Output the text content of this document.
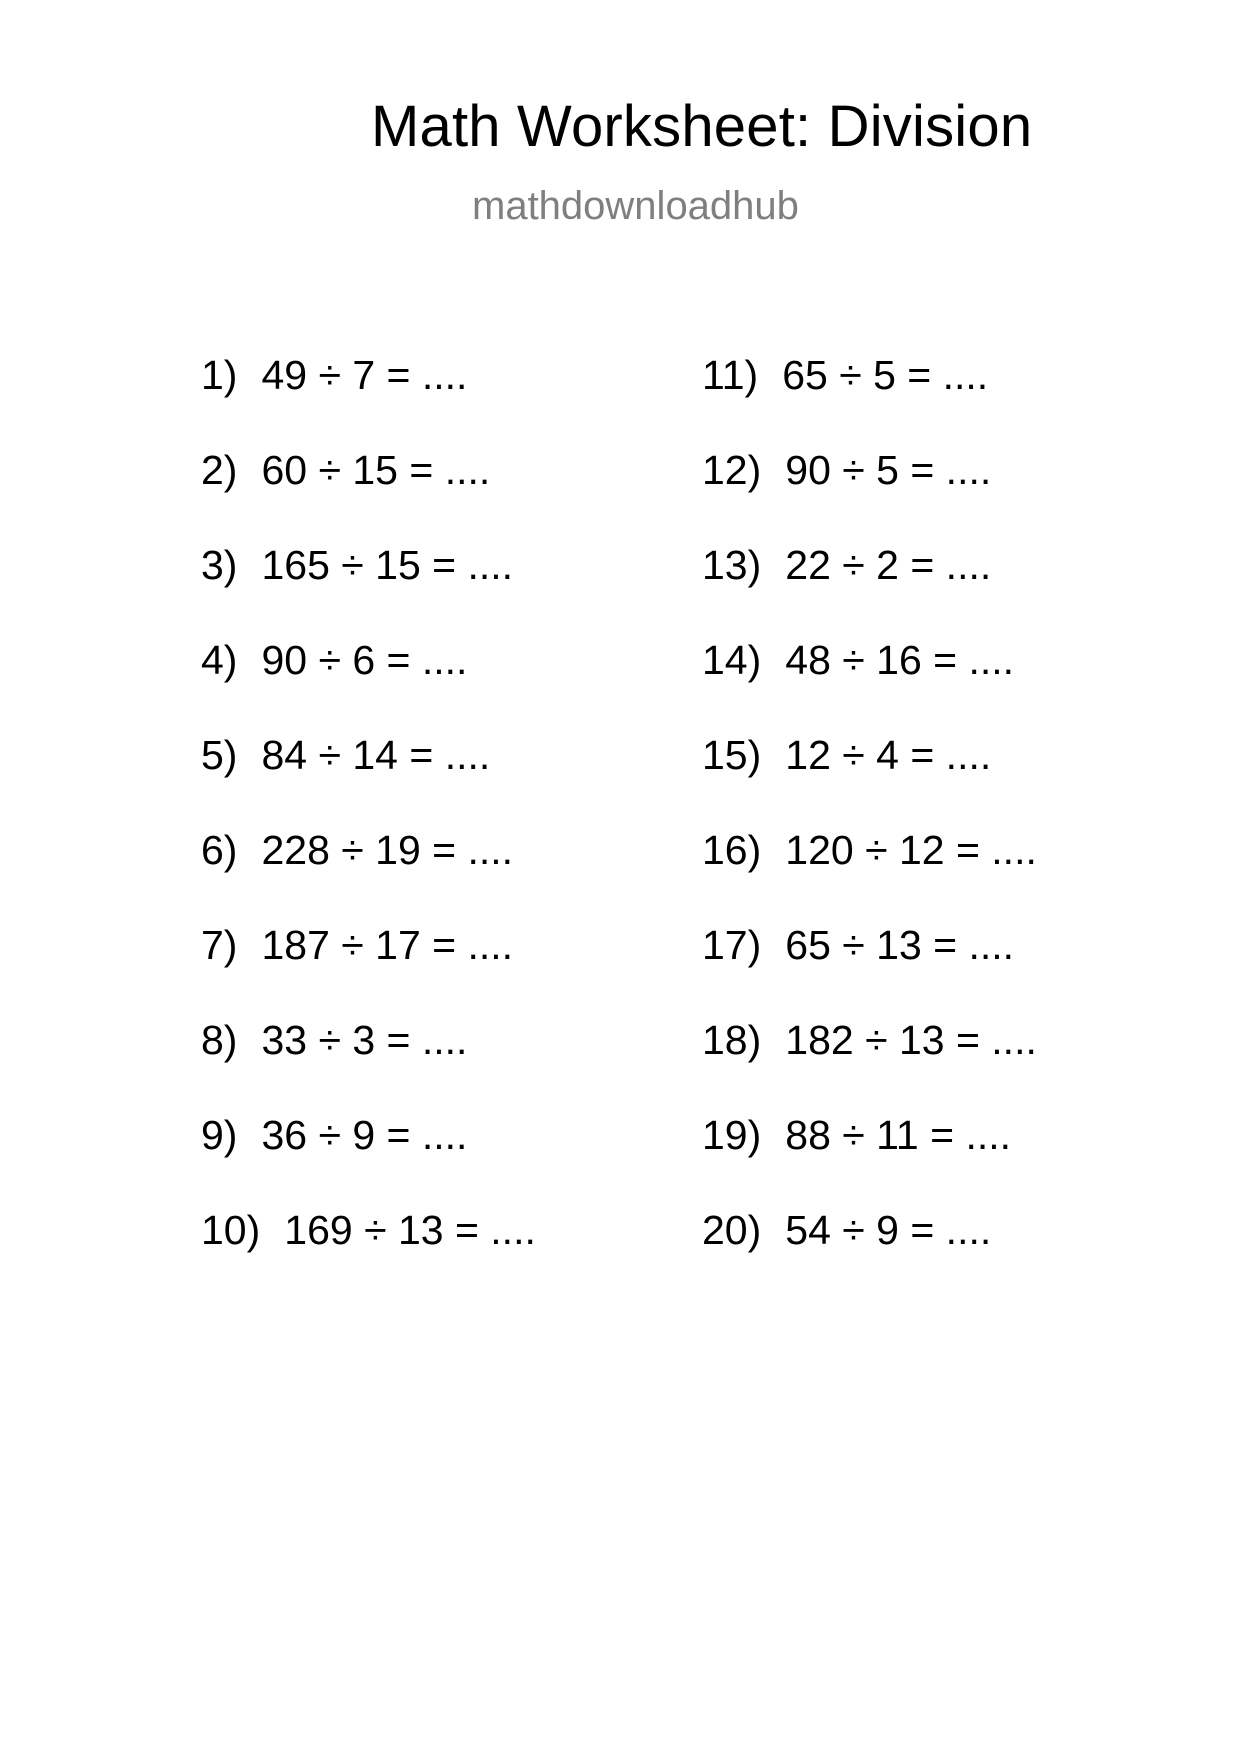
Math Worksheet: Division
mathdownloadhub
1) 49 ÷ 7 = ....
2) 60 ÷ 15 = ....
3) 165 ÷ 15 = ....
4) 90 ÷ 6 = ....
5) 84 ÷ 14 = ....
6) 228 ÷ 19 = ....
7) 187 ÷ 17 = ....
8) 33 ÷ 3 = ....
9) 36 ÷ 9 = ....
10) 169 ÷ 13 = ....
11) 65 ÷ 5 = ....
12) 90 ÷ 5 = ....
13) 22 ÷ 2 = ....
14) 48 ÷ 16 = ....
15) 12 ÷ 4 = ....
16) 120 ÷ 12 = ....
17) 65 ÷ 13 = ....
18) 182 ÷ 13 = ....
19) 88 ÷ 11 = ....
20) 54 ÷ 9 = ....
